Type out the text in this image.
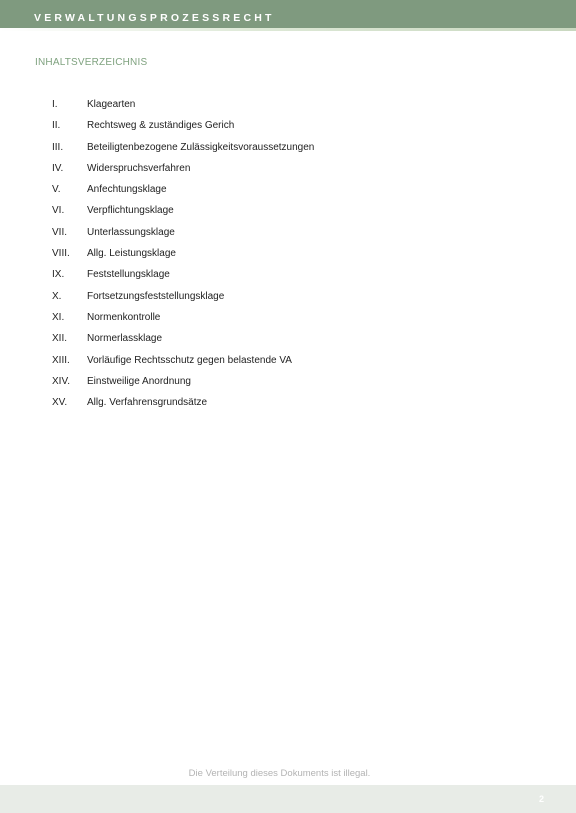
VERWALTUNGSPROZESSRECHT
INHALTSVERZEICHNIS
I.	Klagearten
II.	Rechtsweg & zuständiges Gerich
III. Beteiligtenbezogene Zulässigkeitsvoraussetzungen
IV. Widerspruchsverfahren
V.	Anfechtungsklage
VI. Verpflichtungsklage
VII. Unterlassungsklage
VIII. Allg. Leistungsklage
IX. Feststellungsklage
X.	Fortsetzungsfeststellungsklage
XI. Normenkontrolle
XII. Normerlassklage
XIII. Vorläufige Rechtsschutz gegen belastende VA
XIV. Einstweilige Anordnung
XV. Allg. Verfahrensgrundsätze
Die Verteilung dieses Dokuments ist illegal.
2
